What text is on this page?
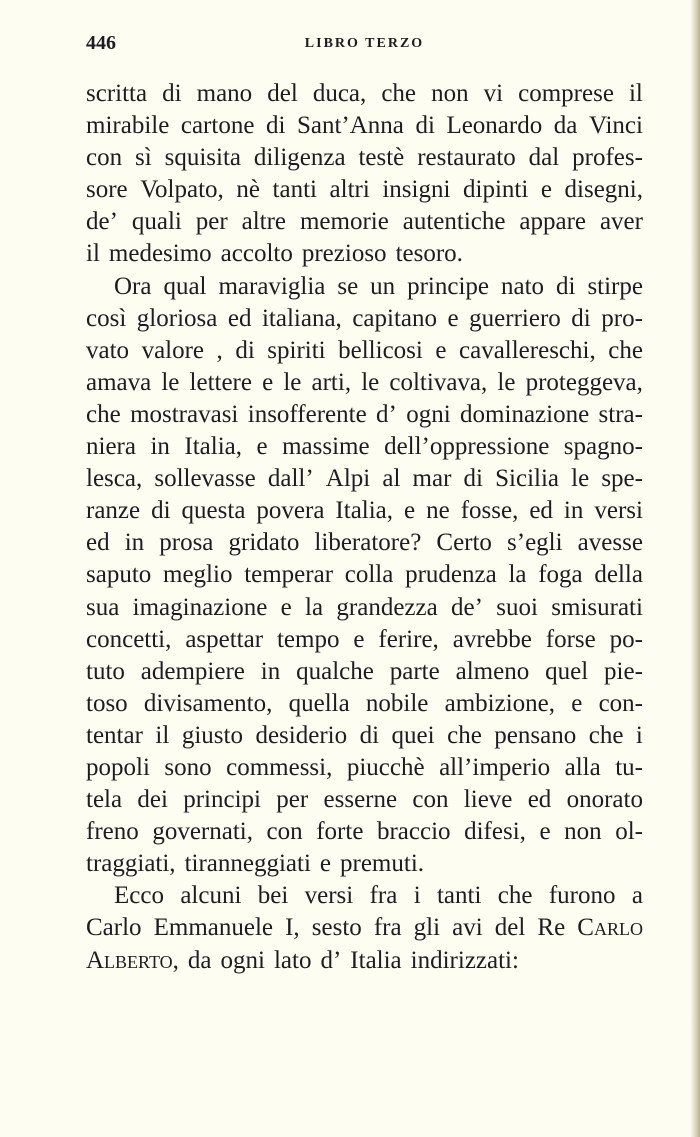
446	LIBRO TERZO
scritta di mano del duca, che non vi comprese il
mirabile cartone di Sant’Anna di Leonardo da Vinci
con sì squisita diligenza testè restaurato dal profes-
sore Volpato, nè tanti altri insigni dipinti e disegni,
de’ quali per altre memorie autentiche appare aver
il medesimo accolto prezioso tesoro.
Ora qual maraviglia se un principe nato di stirpe
così gloriosa ed italiana, capitano e guerriero di pro-
vato valore , di spiriti bellicosi e cavallereschi, che
amava le lettere e le arti, le coltivava, le proteggeva,
che mostravasi insofferente d’ ogni dominazione stra-
niera in Italia, e massime dell’oppressione spagno-
lesca, sollevasse dall’ Alpi al mar di Sicilia le spe-
ranze di questa povera Italia, e ne fosse, ed in versi
ed in prosa gridato liberatore? Certo s’egli avesse
saputo meglio temperar colla prudenza la foga della
sua imaginazione e la grandezza de’ suoi smisurati
concetti, aspettar tempo e ferire, avrebbe forse po-
tuto adempiere in qualche parte almeno quel pie-
toso divisamento, quella nobile ambizione, e con-
tentar il giusto desiderio di quei che pensano che i
popoli sono commessi, piucchè all’imperio alla tu-
tela dei principi per esserne con lieve ed onorato
freno governati, con forte braccio difesi, e non ol-
traggiati, tiranneggiati e premuti.
Ecco alcuni bei versi fra i tanti che furono a
Carlo Emmanuele I, sesto fra gli avi del Re Carlo
Alberto, da ogni lato d’ Italia indirizzati:
